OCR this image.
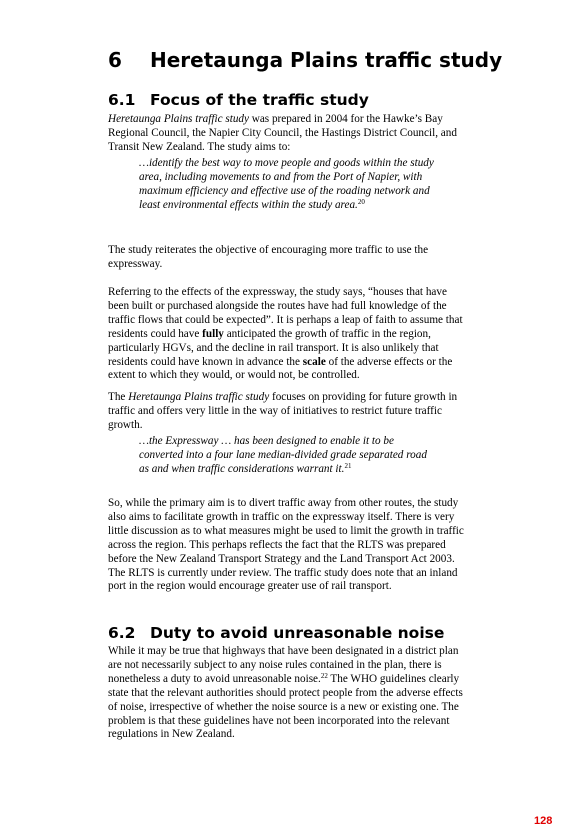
6 Heretaunga Plains traffic study
6.1 Focus of the traffic study

Heretaunga Plains traffic study was prepared in 2004 for the Hawke’s Bay Regional Council, the Napier City Council, the Hastings District Council, and Transit New Zealand. The study aims to:

…identify the best way to move people and goods within the study area, including movements to and from the Port of Napier, with maximum efficiency and effective use of the roading network and least environmental effects within the study area.$^{20}$

The study reiterates the objective of encouraging more traffic to use the expressway.

Referring to the effects of the expressway, the study says, “houses that have been built or purchased alongside the routes have had full knowledge of the traffic flows that could be expected”. It is perhaps a leap of faith to assume that residents could have fully anticipated the growth of traffic in the region, particularly HGVs, and the decline in rail transport. It is also unlikely that residents could have known in advance the scale of the adverse effects or the extent to which they would, or would not, be controlled.

The Heretaunga Plains traffic study focuses on providing for future growth in traffic and offers very little in the way of initiatives to restrict future traffic growth.

…the Expressway … has been designed to enable it to be converted into a four lane median-divided grade separated road as and when traffic considerations warrant it.$^{21}$

So, while the primary aim is to divert traffic away from other routes, the study also aims to facilitate growth in traffic on the expressway itself. There is very little discussion as to what measures might be used to limit the growth in traffic across the region. This perhaps reflects the fact that the RLTS was prepared before the New Zealand Transport Strategy and the Land Transport Act 2003. The RLTS is currently under review. The traffic study does note that an inland port in the region would encourage greater use of rail transport.

6.2 Duty to avoid unreasonable noise

While it may be true that highways that have been designated in a district plan are not necessarily subject to any noise rules contained in the plan, there is nonetheless a duty to avoid unreasonable noise.$^{22}$ The WHO guidelines clearly state that the relevant authorities should protect people from the adverse effects of noise, irrespective of whether the noise source is a new or existing one. The problem is that these guidelines have not been incorporated into the relevant regulations in New Zealand.

128
